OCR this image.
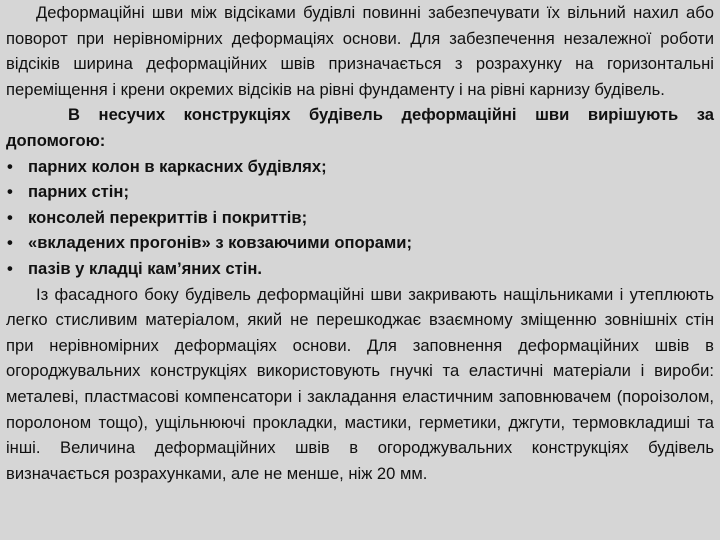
Деформаційні шви між відсіками будівлі повинні забезпечувати їх вільний нахил або поворот при нерівномірних деформаціях основи. Для забезпечення незалежної роботи відсіків ширина деформаційних швів призначається з розрахунку на горизонтальні переміщення і крени окремих відсіків на рівні фундаменту і на рівні карнизу будівель.

В несучих конструкціях будівель деформаційні шви вирішують за допомогою:

• парних колон в каркасних будівлях;
• парних стін;
• консолей перекриттів і покриттів;
• «вкладених прогонів» з ковзаючими опорами;
• пазів у кладці кам’яних стін.

Із фасадного боку будівель деформаційні шви закривають нащільниками і утеплюють легко стисливим матеріалом, який не перешкоджає взаємному зміщенню зовнішніх стін при нерівномірних деформаціях основи. Для заповнення деформаційних швів в огороджувальних конструкціях використовують гнучкі та еластичні матеріали і вироби: металеві, пластмасові компенсатори і закладання еластичним заповнювачем (пороізолом, поролоном тощо), ущільнюючі прокладки, мастики, герметики, джгути, термовкладиші та інші. Величина деформаційних швів в огороджувальних конструкціях будівель визначається розрахунками, але не менше, ніж 20 мм.
